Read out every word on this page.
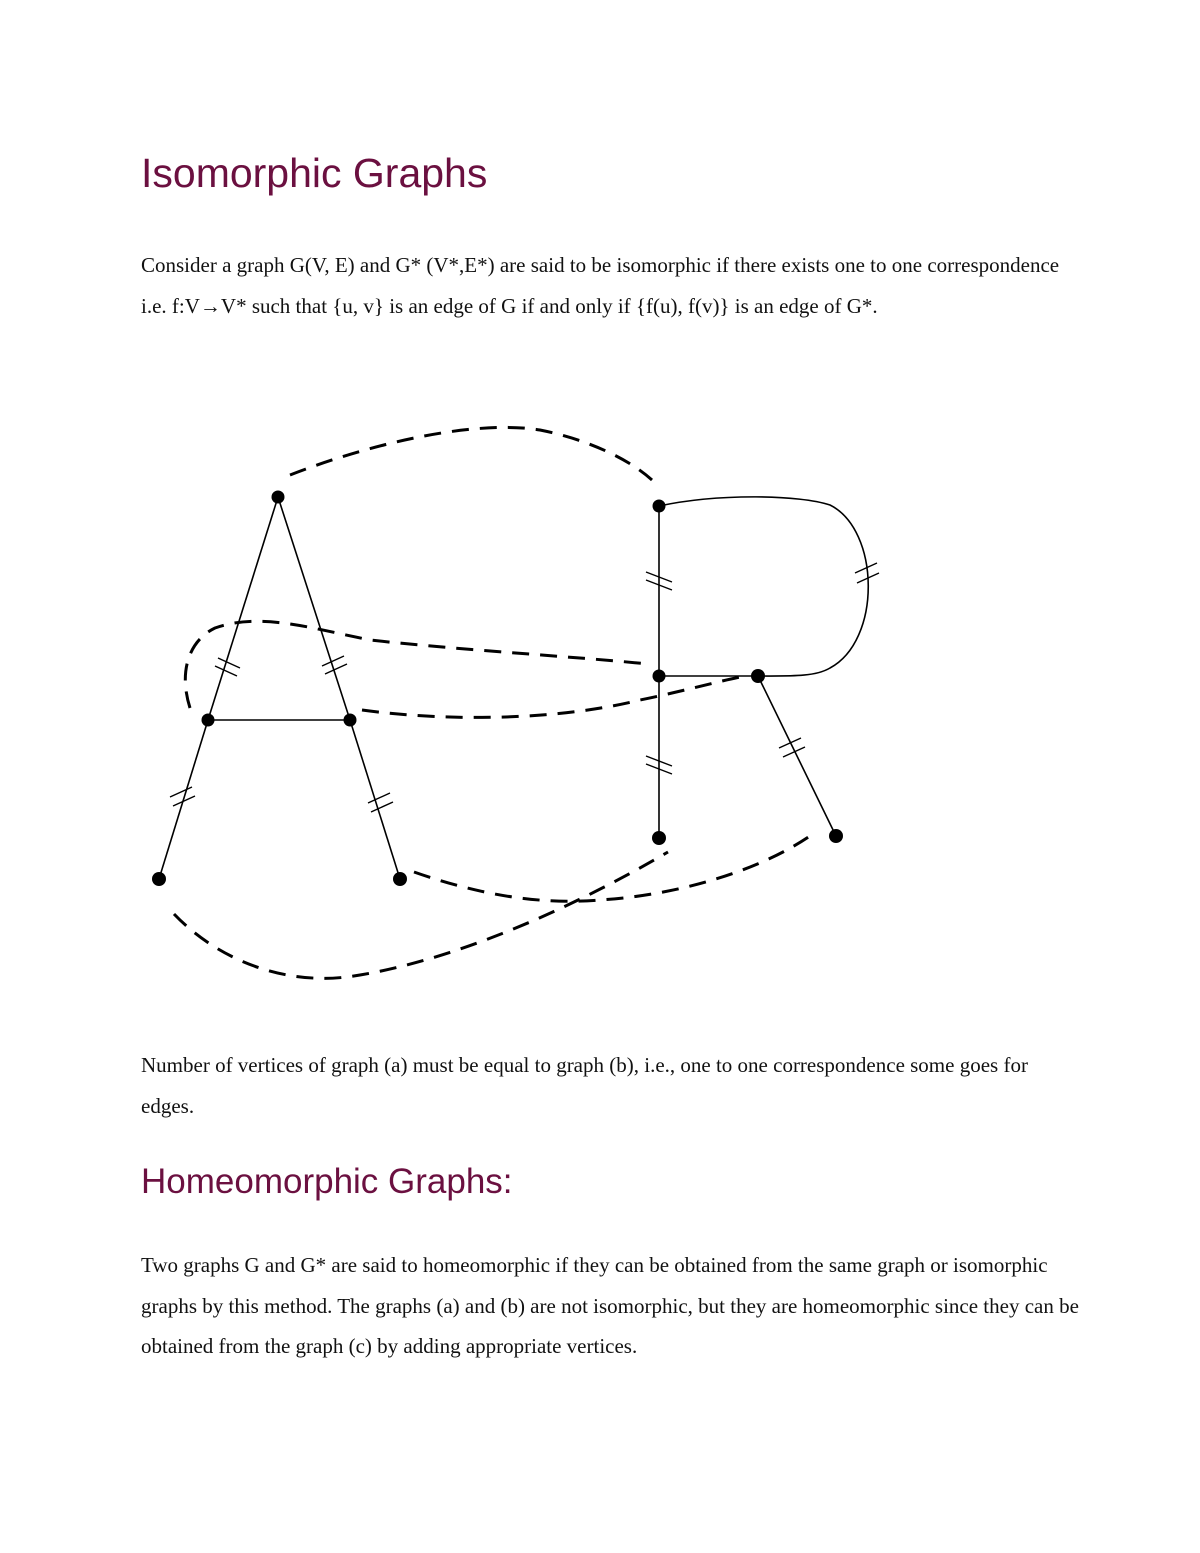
Isomorphic Graphs

Consider a graph G(V, E) and G* (V*,E*) are said to be isomorphic if there exists one to one correspondence i.e. f:V→V* such that {u, v} is an edge of G if and only if {f(u), f(v)} is an edge of G*.

Number of vertices of graph (a) must be equal to graph (b), i.e., one to one correspondence some goes for edges.

Homeomorphic Graphs:

Two graphs G and G* are said to homeomorphic if they can be obtained from the same graph or isomorphic graphs by this method. The graphs (a) and (b) are not isomorphic, but they are homeomorphic since they can be obtained from the graph (c) by adding appropriate vertices.
